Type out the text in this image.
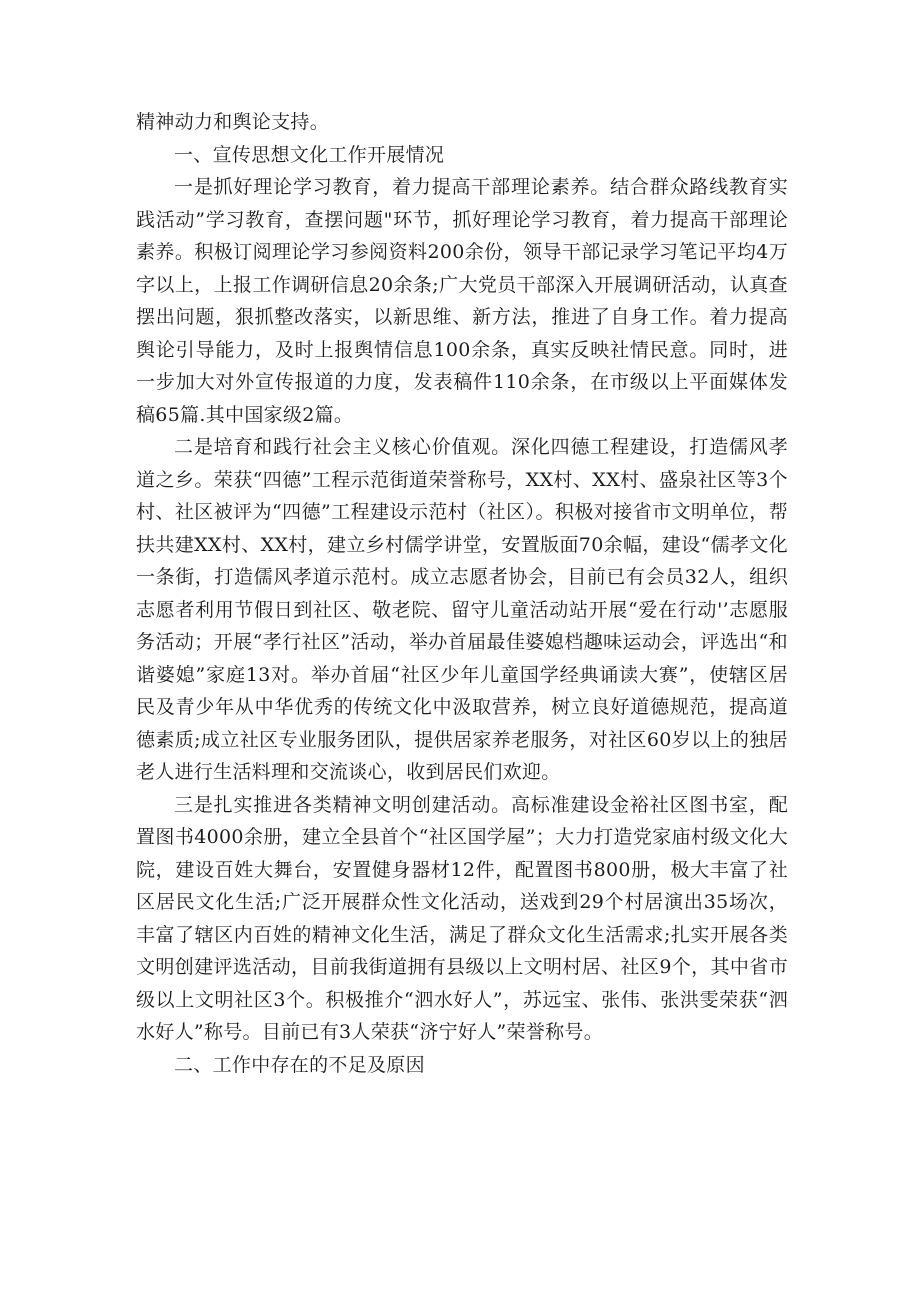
精神动力和舆论支持。

一、宣传思想文化工作开展情况

一是抓好理论学习教育，着力提高干部理论素养。结合群众路线教育实践活动”学习教育，查摆问题"环节，抓好理论学习教育，着力提高干部理论素养。积极订阅理论学习参阅资料200余份，领导干部记录学习笔记平均4万字以上，上报工作调研信息20余条;广大党员干部深入开展调研活动，认真查摆出问题，狠抓整改落实，以新思维、新方法，推进了自身工作。着力提高舆论引导能力，及时上报舆情信息100余条，真实反映社情民意。同时，进一步加大对外宣传报道的力度，发表稿件110余条，在市级以上平面媒体发稿65篇.其中国家级2篇。

二是培育和践行社会主义核心价值观。深化四德工程建设，打造儒风孝道之乡。荣获“四德”工程示范街道荣誉称号，XX村、XX村、盛泉社区等3个村、社区被评为“四德”工程建设示范村（社区）。积极对接省市文明单位，帮扶共建XX村、XX村，建立乡村儒学讲堂，安置版面70余幅，建设“儒孝文化一条街，打造儒风孝道示范村。成立志愿者协会，目前已有会员32人，组织志愿者利用节假日到社区、敬老院、留守儿童活动站开展“爱在行动'’志愿服务活动；开展“孝行社区”活动，举办首届最佳婆媳档趣味运动会，评选出“和谐婆媳”家庭13对。举办首届“社区少年儿童国学经典诵读大赛”，使辖区居民及青少年从中华优秀的传统文化中汲取营养，树立良好道德规范，提高道德素质;成立社区专业服务团队，提供居家养老服务，对社区60岁以上的独居老人进行生活料理和交流谈心，收到居民们欢迎。

三是扎实推进各类精神文明创建活动。高标准建设金裕社区图书室，配置图书4000余册，建立全县首个“社区国学屋”；大力打造党家庙村级文化大院，建设百姓大舞台，安置健身器材12件，配置图书800册，极大丰富了社区居民文化生活;广泛开展群众性文化活动，送戏到29个村居演出35场次，丰富了辖区内百姓的精神文化生活，满足了群众文化生活需求;扎实开展各类文明创建评选活动，目前我街道拥有县级以上文明村居、社区9个，其中省市级以上文明社区3个。积极推介“泗水好人”，苏远宝、张伟、张洪雯荣获“泗水好人”称号。目前已有3人荣获“济宁好人”荣誉称号。

二、工作中存在的不足及原因
